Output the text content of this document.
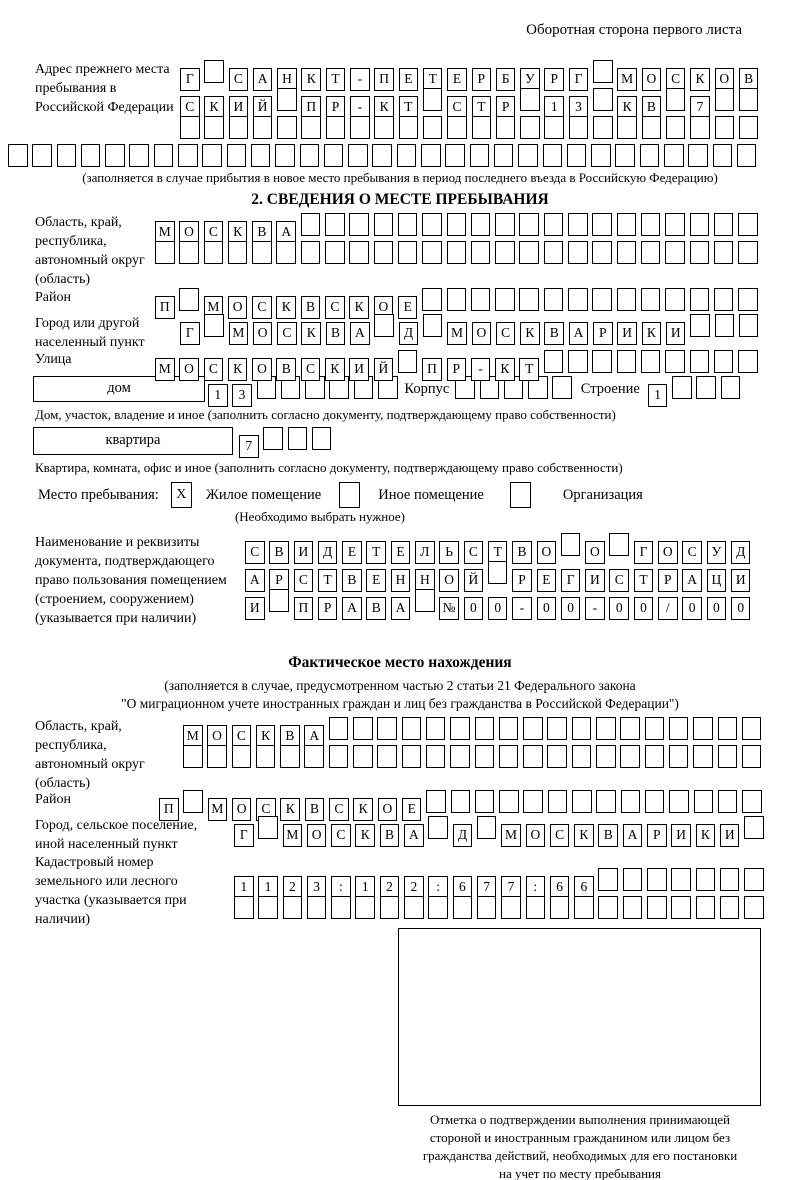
Оборотная сторона первого листа
Адрес прежнего места пребывания в Российской Федерации
Г	С А Н К Т - П Е Т Е Р Б У Р Г	М О С К О В
С К И Й	П Р - К Т	С Т Р	1 3	К В	7
(заполняется в случае прибытия в новое место пребывания в период последнего въезда в Российскую Федерацию)
2. СВЕДЕНИЯ О МЕСТЕ ПРЕБЫВАНИЯ
Область, край, республика, автономный округ (область)
М О С К В А
Район
П	М О С К В С К О Е
Город или другой населенный пункт
Г	М О С К В А	Д	М О С К В А Р И К И
Улица
М О С К О В С К И Й	П Р - К Т
дом	1 3	Корпус	Строение 1
Дом, участок, владение и иное (заполнить согласно документу, подтверждающему право собственности)
квартира	7
Квартира, комната, офис и иное (заполнить согласно документу, подтверждающему право собственности)
Место пребывания: X Жилое помещение	Иное помещение	Организация
(Необходимо выбрать нужное)
Наименование и реквизиты документа, подтверждающего право пользования помещением (строением, сооружением) (указывается при наличии)
С В И Д Е Т Е Л Ь С Т В О	О	Г О С У Д
А Р С Т В Е Н Н О Й	Р Е Г И С Т Р А Ц И
И	П Р А В А	№ 0 0 - 0 0 - 0 0 / 0 0 0
Фактическое место нахождения
(заполняется в случае, предусмотренном частью 2 статьи 21 Федерального закона
"О миграционном учете иностранных граждан и лиц без гражданства в Российской Федерации")
Область, край, республика, автономный округ (область)
М О С К В А
Район
П	М О С К В С К О Е
Город, сельское поселение, иной населенный пункт
Г	М О С К В А	Д	М О С К В А Р И К И
Кадастровый номер земельного или лесного участка (указывается при наличии)
1 1 2 3 : 1 2 2 : 6 7 7 : 6 6
Отметка о подтверждении выполнения принимающей
стороной и иностранным гражданином или лицом без
гражданства действий, необходимых для его постановки
на учет по месту пребывания
